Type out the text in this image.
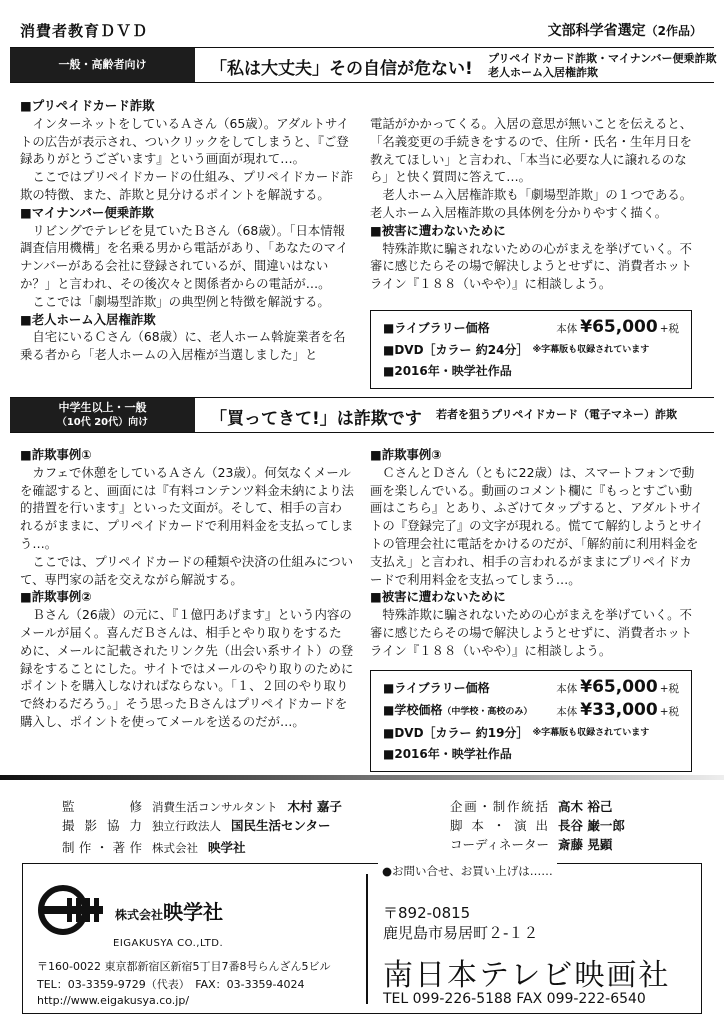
消費者教育ＤＶＤ	文部科学省選定（2作品）
一般・高齢者向け	「私は大丈夫」その自信が危ない!
プリペイドカード詐欺・マイナンバー便乗詐欺
老人ホーム入居権詐欺
■プリペイドカード詐欺

インターネットをしているＡさん（65歳）。アダルトサイトの広告が表示され、ついクリックをしてしまうと、『ご登録ありがとうございます』という画面が現れて…。

ここではプリペイドカードの仕組み、プリペイドカード詐欺の特徴、また、詐欺と見分けるポイントを解説する。

■マイナンバー便乗詐欺

リビングでテレビを見ていたＢさん（68歳）。「日本情報調査信用機構」を名乗る男から電話があり、「あなたのマイナンバーがある会社に登録されているが、間違いはないか？」と言われ、その後次々と関係者からの電話が…。

ここでは「劇場型詐欺」の典型例と特徴を解説する。

■老人ホーム入居権詐欺

自宅にいるＣさん（68歳）に、老人ホーム斡旋業者を名乗る者から「老人ホームの入居権が当選しました」と

電話がかかってくる。入居の意思が無いことを伝えると、「名義変更の手続きをするので、住所・氏名・生年月日を教えてほしい」と言われ、「本当に必要な人に譲れるのなら」と快く質問に答えて…。

老人ホーム入居権詐欺も「劇場型詐欺」の１つである。老人ホーム入居権詐欺の具体例を分かりやすく描く。

■被害に遭わないために

特殊詐欺に騙されないための心がまえを挙げていく。不審に感じたらその場で解決しようとせずに、消費者ホットライン『１８８（いやや）』に相談しよう。

■ライブラリー価格	本体 ¥65,000 +税
■DVD［カラー 約24分］ ※字幕版も収録されています
■2016年・映学社作品
中学生以上・一般
（10代 20代）向け	「買ってきて!」は詐欺です 若者を狙うプリペイドカード（電子マネー）詐欺
■詐欺事例①

カフェで休憩をしているＡさん（23歳）。何気なくメールを確認すると、画面には『有料コンテンツ料金未納により法的措置を行います』といった文面が。そして、相手の言われるがままに、プリペイドカードで利用料金を支払ってしまう…。

ここでは、プリペイドカードの種類や決済の仕組みについて、専門家の話を交えながら解説する。

■詐欺事例②

Ｂさん（26歳）の元に、『１億円あげます』という内容のメールが届く。喜んだＢさんは、相手とやり取りをするために、メールに記載されたリンク先（出会い系サイト）の登録をすることにした。サイトではメールのやり取りのためにポイントを購入しなければならない。「１、２回のやり取りで終わるだろう。」そう思ったＢさんはプリペイドカードを購入し、ポイントを使ってメールを送るのだが…。

■詐欺事例③

ＣさんとＤさん（ともに22歳）は、スマートフォンで動画を楽しんでいる。動画のコメント欄に『もっとすごい動画はこちら』とあり、ふざけてタップすると、アダルトサイトの『登録完了』の文字が現れる。慌てて解約しようとサイトの管理会社に電話をかけるのだが、「解約前に利用料金を支払え」と言われ、相手の言われるがままにプリペイドカードで利用料金を支払ってしまう…。

■被害に遭わないために

特殊詐欺に騙されないための心がまえを挙げていく。不審に感じたらその場で解決しようとせずに、消費者ホットライン『１８８（いやや）』に相談しよう。

■ライブラリー価格	本体 ¥65,000 +税
■学校価格（中学校・高校のみ） 本体 ¥33,000 +税
■DVD［カラー 約19分］ ※字幕版も収録されています
■2016年・映学社作品
監修 消費生活コンサルタント 木村 嘉子
撮影協力 独立行政法人 国民生活センター
制作・著作 株式会社 映学社
企画・制作統括 高木 裕己
脚本・演出 長谷 巌一郎
コーディネーター 斎藤 晃顕
株式会社映学社
EIGAKUSYA CO.,LTD.
〒160-0022 東京都新宿区新宿5丁目7番8号らんざん5ビル
TEL：03-3359-9729（代表）　FAX：03-3359-4024
http://www.eigakusya.co.jp/
●お問い合せ、お買い上げは……
〒892-0815
鹿児島市易居町２-１２
南日本テレビ映画社
TEL 099-226-5188 FAX 099-222-6540
